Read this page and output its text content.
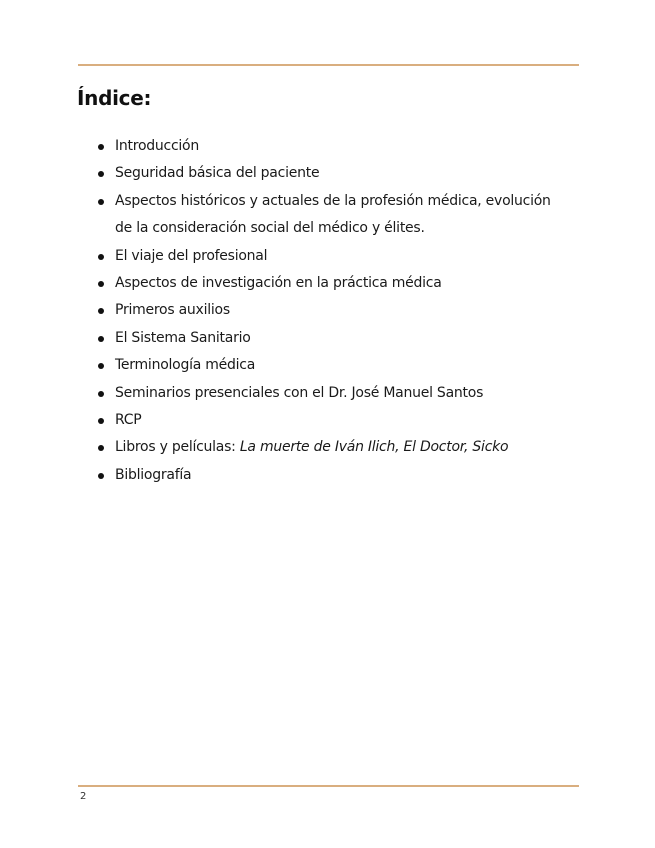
Índice:
Introducción
Seguridad básica del paciente
Aspectos históricos y actuales de la profesión médica, evolución de la consideración social del médico y élites.
El viaje del profesional
Aspectos de investigación en la práctica médica
Primeros auxilios
El Sistema Sanitario
Terminología médica
Seminarios presenciales con el Dr. José Manuel Santos
RCP
Libros y películas: La muerte de Iván Ilich, El Doctor, Sicko
Bibliografía
2
